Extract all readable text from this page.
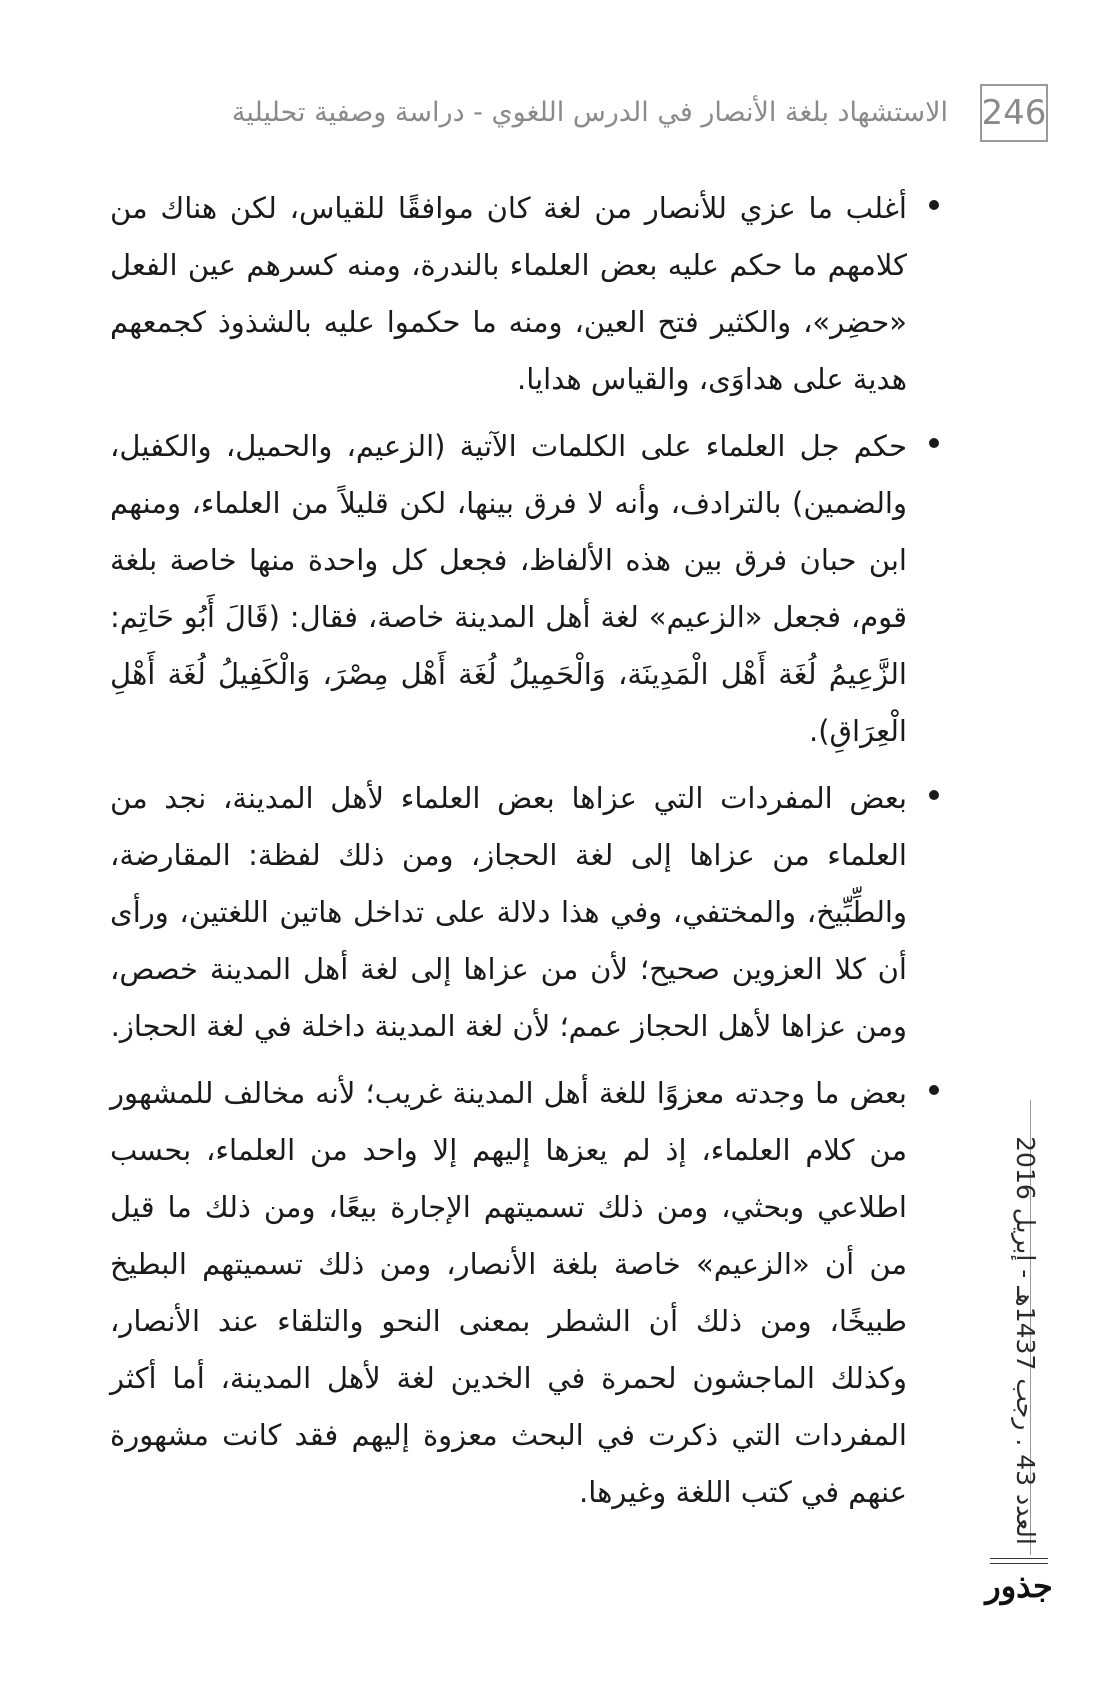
246
الاستشهاد بلغة الأنصار في الدرس اللغوي - دراسة وصفية تحليلية
أغلب ما عزي للأنصار من لغة كان موافقًا للقياس، لكن هناك من كلامهم ما حكم عليه بعض العلماء بالندرة، ومنه كسرهم عين الفعل «حضِر»، والكثير فتح العين، ومنه ما حكموا عليه بالشذوذ كجمعهم هدية على هداوَى، والقياس هدايا.
حكم جل العلماء على الكلمات الآتية (الزعيم، والحميل، والكفيل، والضمين) بالترادف، وأنه لا فرق بينها، لكن قليلاً من العلماء، ومنهم ابن حبان فرق بين هذه الألفاظ، فجعل كل واحدة منها خاصة بلغة قوم، فجعل «الزعيم» لغة أهل المدينة خاصة، فقال: (قَالَ أَبُو حَاتِم: الزَّعِيمُ لُغَة أَهْل الْمَدِينَة، وَالْحَمِيلُ لُغَة أَهْل مِصْرَ، وَالْكَفِيلُ لُغَة أَهْلِ الْعِرَاقِ).
بعض المفردات التي عزاها بعض العلماء لأهل المدينة، نجد من العلماء من عزاها إلى لغة الحجاز، ومن ذلك لفظة: المقارضة، والطِّبِّيخ، والمختفي، وفي هذا دلالة على تداخل هاتين اللغتين، ورأى أن كلا العزوين صحيح؛ لأن من عزاها إلى لغة أهل المدينة خصص، ومن عزاها لأهل الحجاز عمم؛ لأن لغة المدينة داخلة في لغة الحجاز.
بعض ما وجدته معزوًا للغة أهل المدينة غريب؛ لأنه مخالف للمشهور من كلام العلماء، إذ لم يعزها إليهم إلا واحد من العلماء، بحسب اطلاعي وبحثي، ومن ذلك تسميتهم الإجارة بيعًا، ومن ذلك ما قيل من أن «الزعيم» خاصة بلغة الأنصار، ومن ذلك تسميتهم البطيخ طبيخًا، ومن ذلك أن الشطر بمعنى النحو والتلقاء عند الأنصار، وكذلك الماجشون لحمرة في الخدين لغة لأهل المدينة، أما أكثر المفردات التي ذكرت في البحث معزوة إليهم فقد كانت مشهورة عنهم في كتب اللغة وغيرها.
العدد 43 . رجب 1437هـ - إبريل 2016
جذور
